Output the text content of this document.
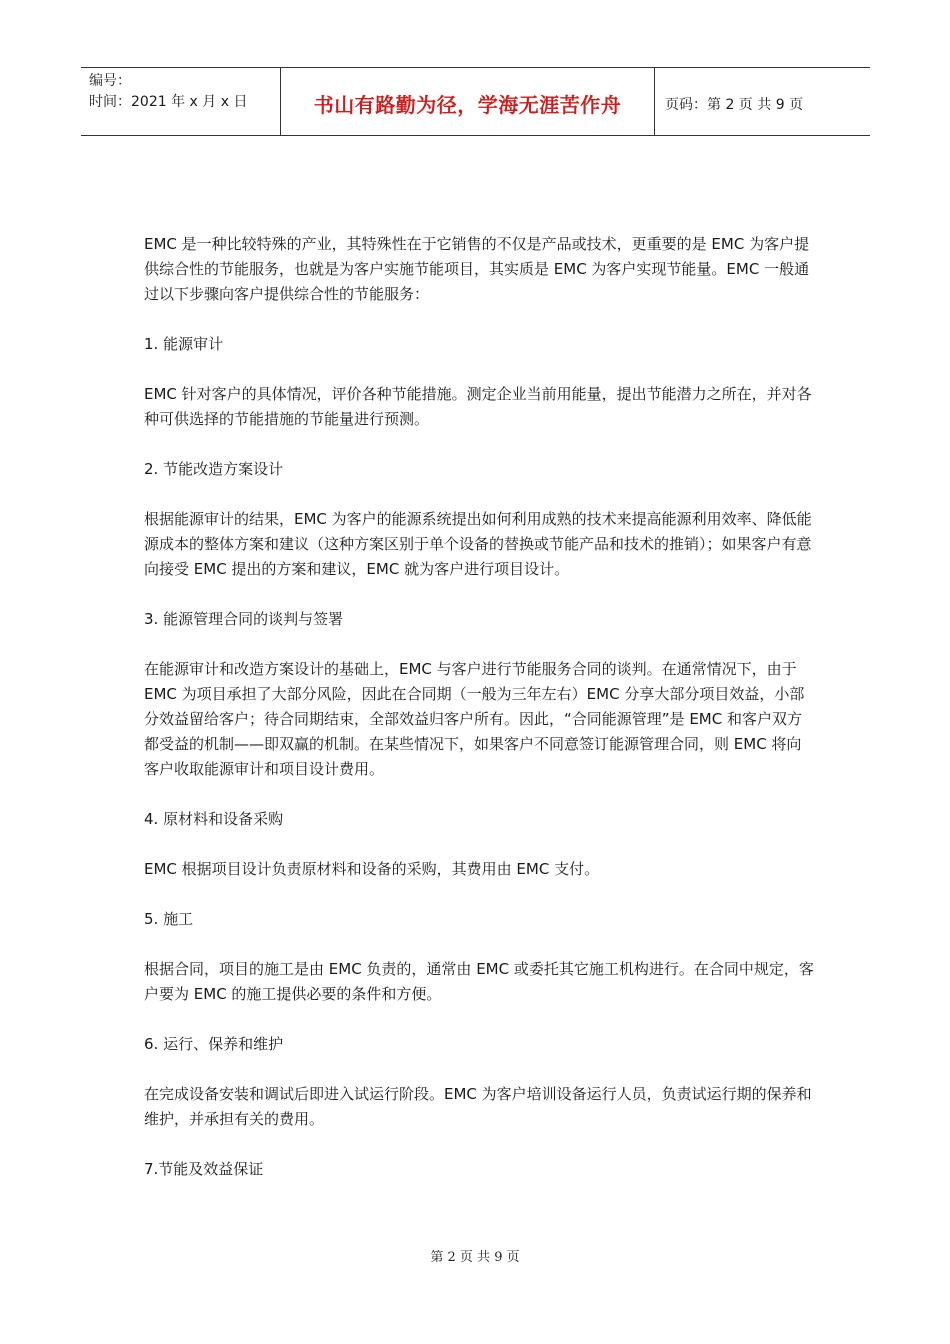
编号：
时间：2021 年 x 月 x 日	书山有路勤为径，学海无涯苦作舟	页码：第 2 页 共 9 页

EMC 是一种比较特殊的产业，其特殊性在于它销售的不仅是产品或技术，更重要的是 EMC 为客户提供综合性的节能服务，也就是为客户实施节能项目，其实质是 EMC 为客户实现节能量。EMC 一般通过以下步骤向客户提供综合性的节能服务：

1. 能源审计

EMC 针对客户的具体情况，评价各种节能措施。测定企业当前用能量，提出节能潜力之所在，并对各种可供选择的节能措施的节能量进行预测。

2. 节能改造方案设计

根据能源审计的结果，EMC 为客户的能源系统提出如何利用成熟的技术来提高能源利用效率、降低能源成本的整体方案和建议（这种方案区别于单个设备的替换或节能产品和技术的推销）；如果客户有意向接受 EMC 提出的方案和建议，EMC 就为客户进行项目设计。

3. 能源管理合同的谈判与签署

在能源审计和改造方案设计的基础上，EMC 与客户进行节能服务合同的谈判。在通常情况下，由于 EMC 为项目承担了大部分风险，因此在合同期（一般为三年左右）EMC 分享大部分项目效益，小部分效益留给客户；待合同期结束，全部效益归客户所有。因此，“合同能源管理”是 EMC 和客户双方都受益的机制——即双赢的机制。在某些情况下，如果客户不同意签订能源管理合同，则 EMC 将向客户收取能源审计和项目设计费用。

4. 原材料和设备采购

EMC 根据项目设计负责原材料和设备的采购，其费用由 EMC 支付。

5. 施工

根据合同，项目的施工是由 EMC 负责的，通常由 EMC 或委托其它施工机构进行。在合同中规定，客户要为 EMC 的施工提供必要的条件和方便。

6. 运行、保养和维护

在完成设备安装和调试后即进入试运行阶段。EMC 为客户培训设备运行人员，负责试运行期的保养和维护，并承担有关的费用。

7.节能及效益保证

第 2 页 共 9 页
